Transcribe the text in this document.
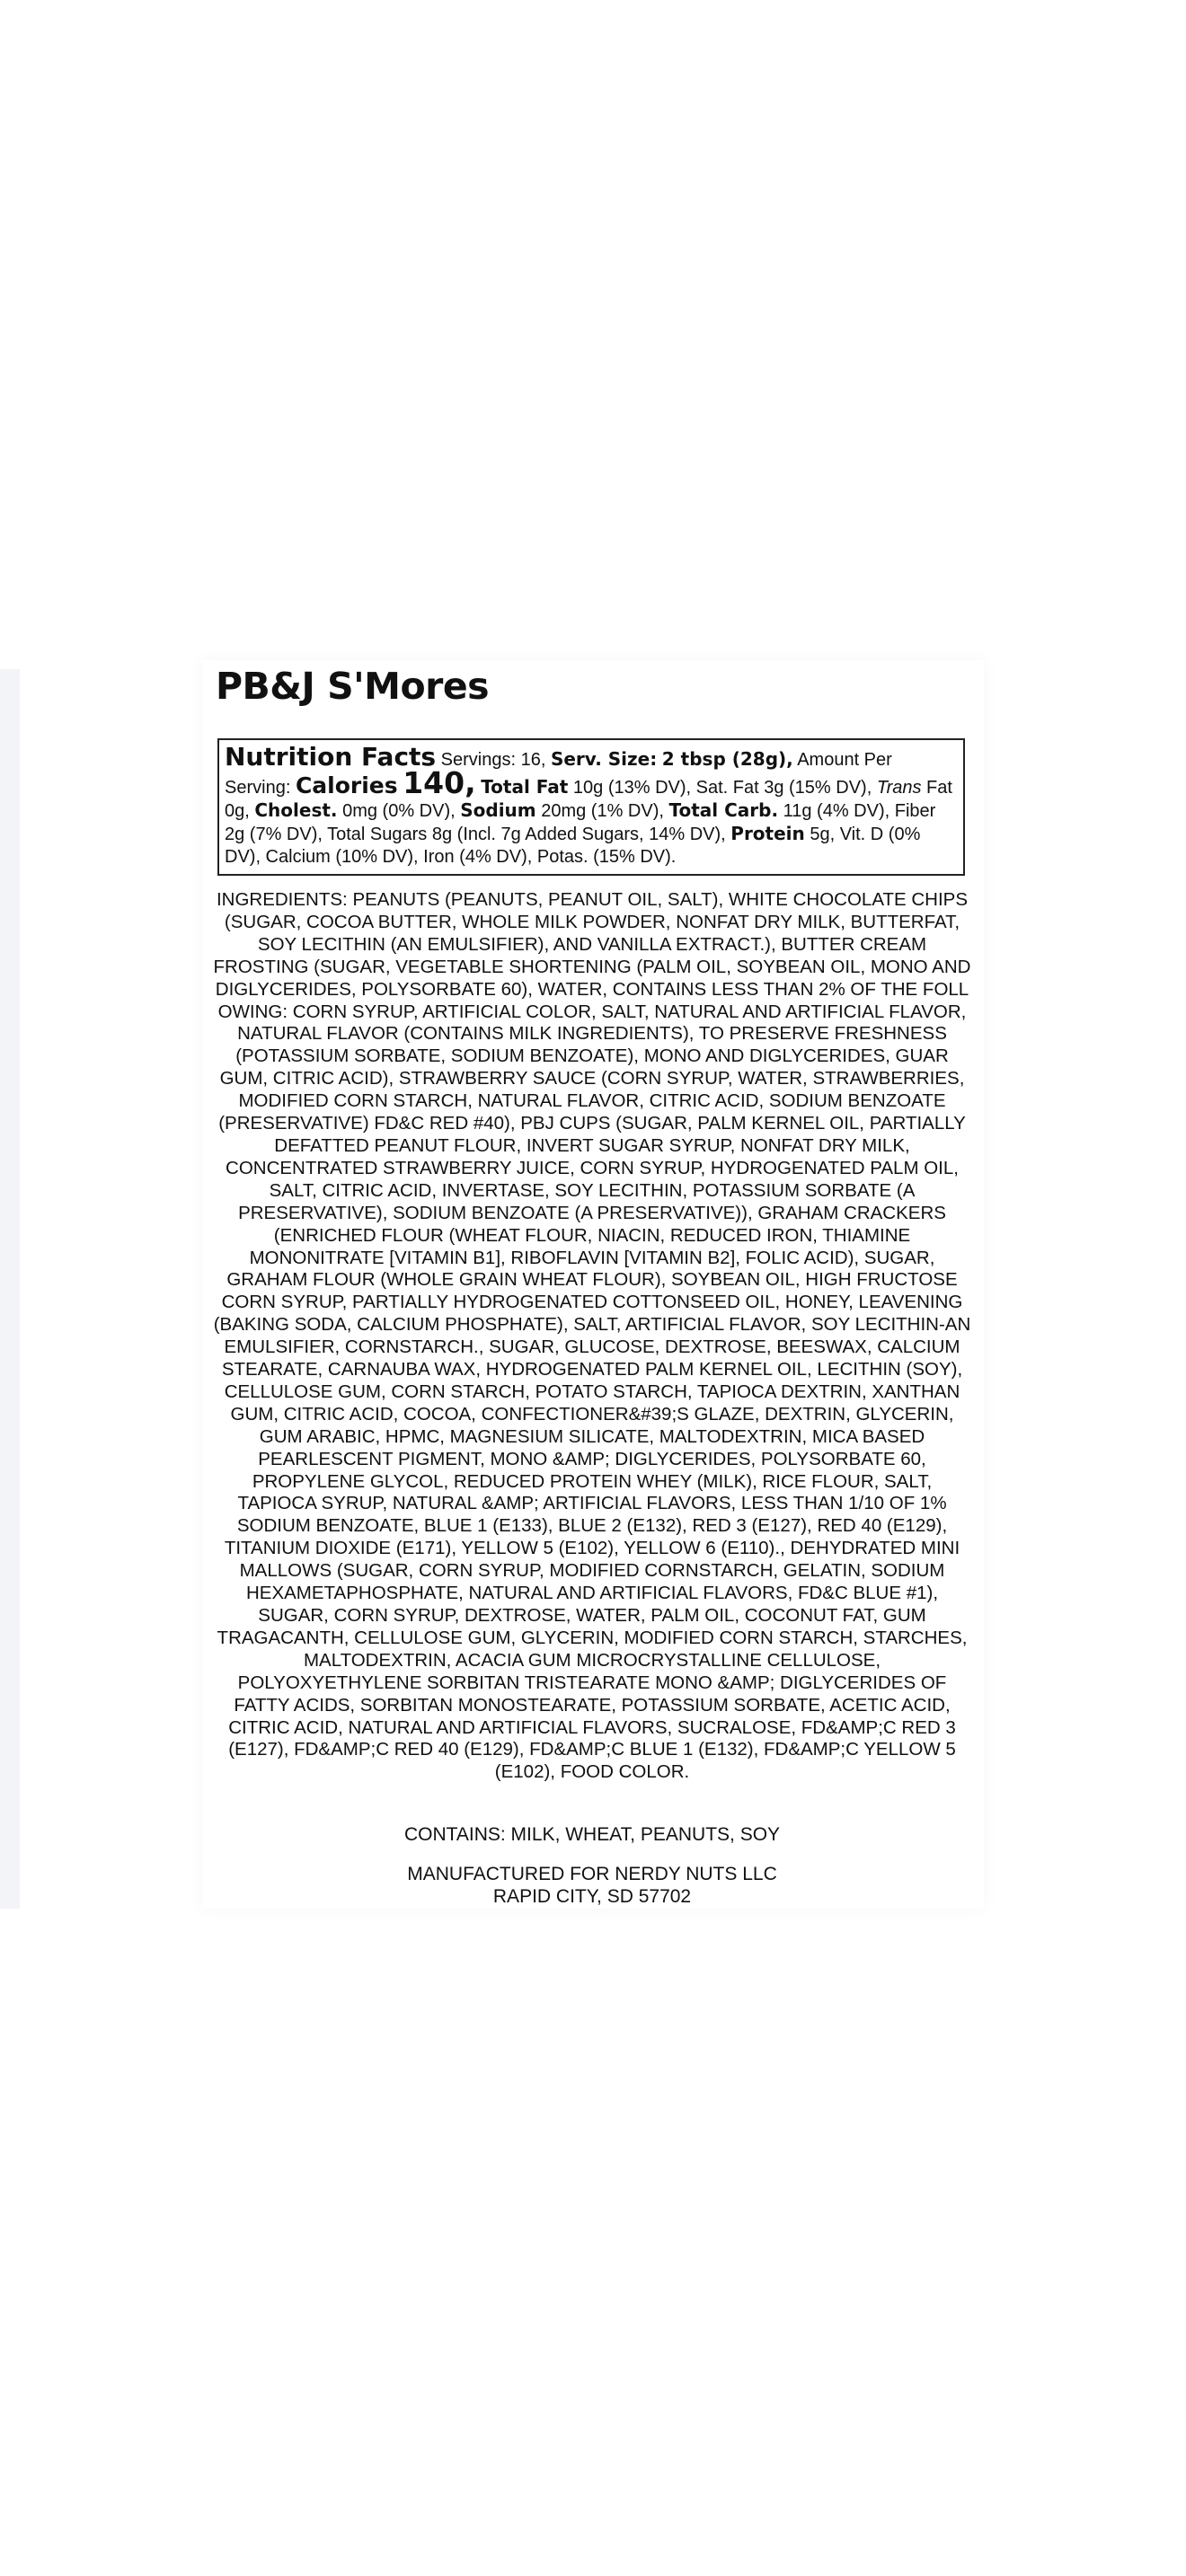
PB&J S'Mores
Nutrition Facts Servings: 16, Serv. Size: 2 tbsp (28g), Amount Per Serving: Calories 140, Total Fat 10g (13% DV), Sat. Fat 3g (15% DV), Trans Fat 0g, Cholest. 0mg (0% DV), Sodium 20mg (1% DV), Total Carb. 11g (4% DV), Fiber 2g (7% DV), Total Sugars 8g (Incl. 7g Added Sugars, 14% DV), Protein 5g, Vit. D (0% DV), Calcium (10% DV), Iron (4% DV), Potas. (15% DV).

INGREDIENTS: PEANUTS (PEANUTS, PEANUT OIL, SALT), WHITE CHOCOLATE CHIPS (SUGAR, COCOA BUTTER, WHOLE MILK POWDER, NONFAT DRY MILK, BUTTERFAT, SOY LECITHIN (AN EMULSIFIER), AND VANILLA EXTRACT.), BUTTER CREAM FROSTING (SUGAR, VEGETABLE SHORTENING (PALM OIL, SOYBEAN OIL, MONO AND DIGLYCERIDES, POLYSORBATE 60), WATER, CONTAINS LESS THAN 2% OF THE FOLL OWING: CORN SYRUP, ARTIFICIAL COLOR, SALT, NATURAL AND ARTIFICIAL FLAVOR, NATURAL FLAVOR (CONTAINS MILK INGREDIENTS), TO PRESERVE FRESHNESS (POTASSIUM SORBATE, SODIUM BENZOATE), MONO AND DIGLYCERIDES, GUAR GUM, CITRIC ACID), STRAWBERRY SAUCE (CORN SYRUP, WATER, STRAWBERRIES, MODIFIED CORN STARCH, NATURAL FLAVOR, CITRIC ACID, SODIUM BENZOATE (PRESERVATIVE) FD&C RED #40), PBJ CUPS (SUGAR, PALM KERNEL OIL, PARTIALLY DEFATTED PEANUT FLOUR, INVERT SUGAR SYRUP, NONFAT DRY MILK, CONCENTRATED STRAWBERRY JUICE, CORN SYRUP, HYDROGENATED PALM OIL, SALT, CITRIC ACID, INVERTASE, SOY LECITHIN, POTASSIUM SORBATE (A PRESERVATIVE), SODIUM BENZOATE (A PRESERVATIVE)), GRAHAM CRACKERS (ENRICHED FLOUR (WHEAT FLOUR, NIACIN, REDUCED IRON, THIAMINE MONONITRATE [VITAMIN B1], RIBOFLAVIN [VITAMIN B2], FOLIC ACID), SUGAR, GRAHAM FLOUR (WHOLE GRAIN WHEAT FLOUR), SOYBEAN OIL, HIGH FRUCTOSE CORN SYRUP, PARTIALLY HYDROGENATED COTTONSEED OIL, HONEY, LEAVENING (BAKING SODA, CALCIUM PHOSPHATE), SALT, ARTIFICIAL FLAVOR, SOY LECITHIN-AN EMULSIFIER, CORNSTARCH., SUGAR, GLUCOSE, DEXTROSE, BEESWAX, CALCIUM STEARATE, CARNAUBA WAX, HYDROGENATED PALM KERNEL OIL, LECITHIN (SOY), CELLULOSE GUM, CORN STARCH, POTATO STARCH, TAPIOCA DEXTRIN, XANTHAN GUM, CITRIC ACID, COCOA, CONFECTIONER&#39;S GLAZE, DEXTRIN, GLYCERIN, GUM ARABIC, HPMC, MAGNESIUM SILICATE, MALTODEXTRIN, MICA BASED PEARLESCENT PIGMENT, MONO &AMP; DIGLYCERIDES, POLYSORBATE 60, PROPYLENE GLYCOL, REDUCED PROTEIN WHEY (MILK), RICE FLOUR, SALT, TAPIOCA SYRUP, NATURAL &AMP; ARTIFICIAL FLAVORS, LESS THAN 1/10 OF 1% SODIUM BENZOATE, BLUE 1 (E133), BLUE 2 (E132), RED 3 (E127), RED 40 (E129), TITANIUM DIOXIDE (E171), YELLOW 5 (E102), YELLOW 6 (E110)., DEHYDRATED MINI MALLOWS (SUGAR, CORN SYRUP, MODIFIED CORNSTARCH, GELATIN, SODIUM HEXAMETAPHOSPHATE, NATURAL AND ARTIFICIAL FLAVORS, FD&C BLUE #1), SUGAR, CORN SYRUP, DEXTROSE, WATER, PALM OIL, COCONUT FAT, GUM TRAGACANTH, CELLULOSE GUM, GLYCERIN, MODIFIED CORN STARCH, STARCHES, MALTODEXTRIN, ACACIA GUM MICROCRYSTALLINE CELLULOSE, POLYOXYETHYLENE SORBITAN TRISTEARATE MONO &AMP; DIGLYCERIDES OF FATTY ACIDS, SORBITAN MONOSTEARATE, POTASSIUM SORBATE, ACETIC ACID, CITRIC ACID, NATURAL AND ARTIFICIAL FLAVORS, SUCRALOSE, FD&AMP;C RED 3 (E127), FD&AMP;C RED 40 (E129), FD&AMP;C BLUE 1 (E132), FD&AMP;C YELLOW 5 (E102), FOOD COLOR.

CONTAINS: MILK, WHEAT, PEANUTS, SOY

MANUFACTURED FOR NERDY NUTS LLC
RAPID CITY, SD 57702
